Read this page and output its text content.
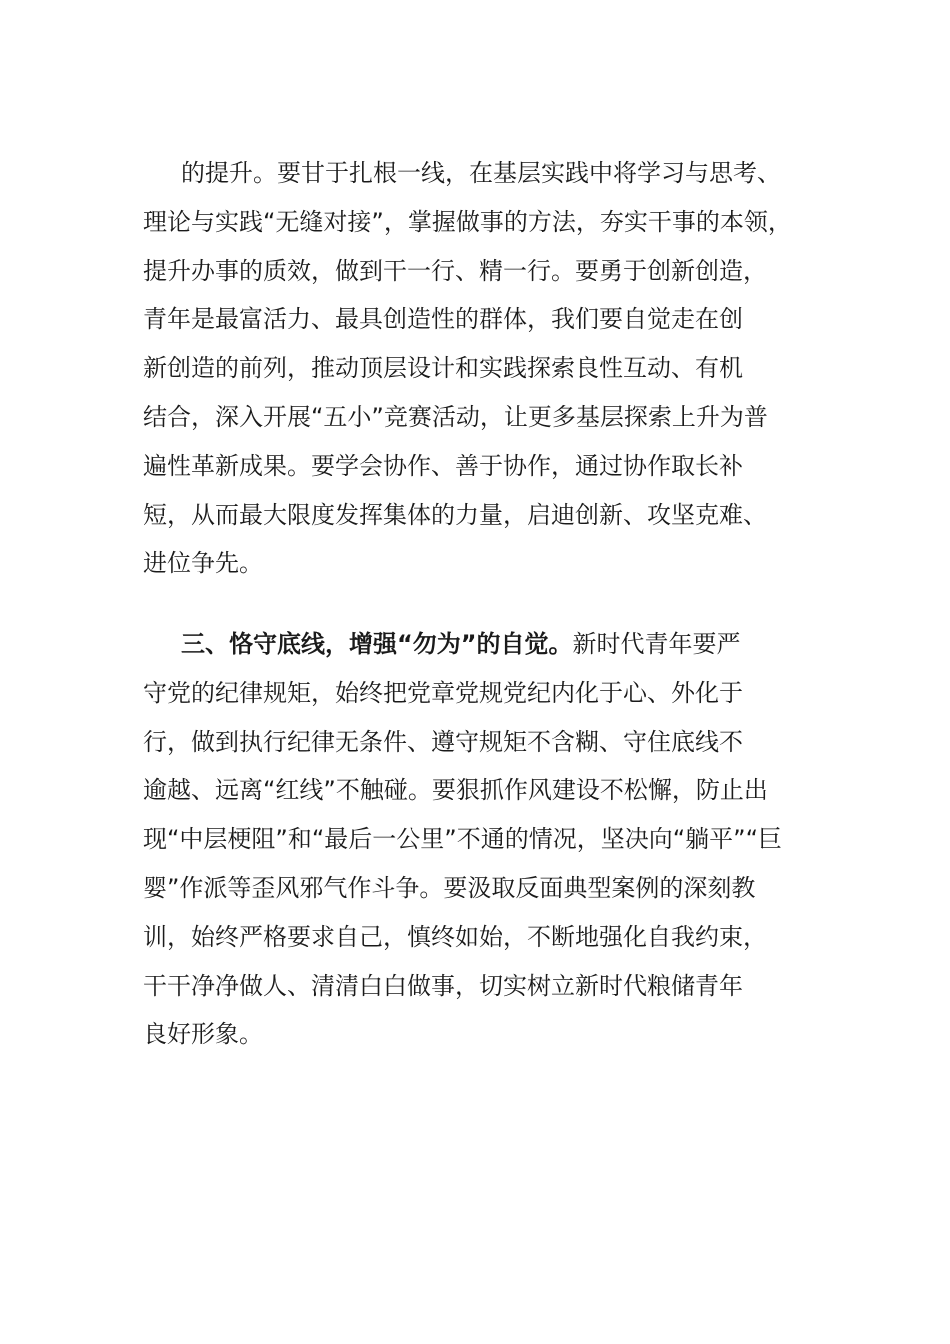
的提升。要甘于扎根一线，在基层实践中将学习与思考、
理论与实践“无缝对接”，掌握做事的方法，夯实干事的本领，
提升办事的质效，做到干一行、精一行。要勇于创新创造，
青年是最富活力、最具创造性的群体，我们要自觉走在创
新创造的前列，推动顶层设计和实践探索良性互动、有机
结合，深入开展“五小”竞赛活动，让更多基层探索上升为普
遍性革新成果。要学会协作、善于协作，通过协作取长补
短，从而最大限度发挥集体的力量，启迪创新、攻坚克难、
进位争先。
三、恪守底线，增强“勿为”的自觉。新时代青年要严
守党的纪律规矩，始终把党章党规党纪内化于心、外化于
行，做到执行纪律无条件、遵守规矩不含糊、守住底线不
逾越、远离“红线”不触碰。要狠抓作风建设不松懈，防止出
现“中层梗阻”和“最后一公里”不通的情况，坚决向“躺平”“巨
婴”作派等歪风邪气作斗争。要汲取反面典型案例的深刻教
训，始终严格要求自己，慎终如始，不断地强化自我约束，
干干净净做人、清清白白做事，切实树立新时代粮储青年
良好形象。
